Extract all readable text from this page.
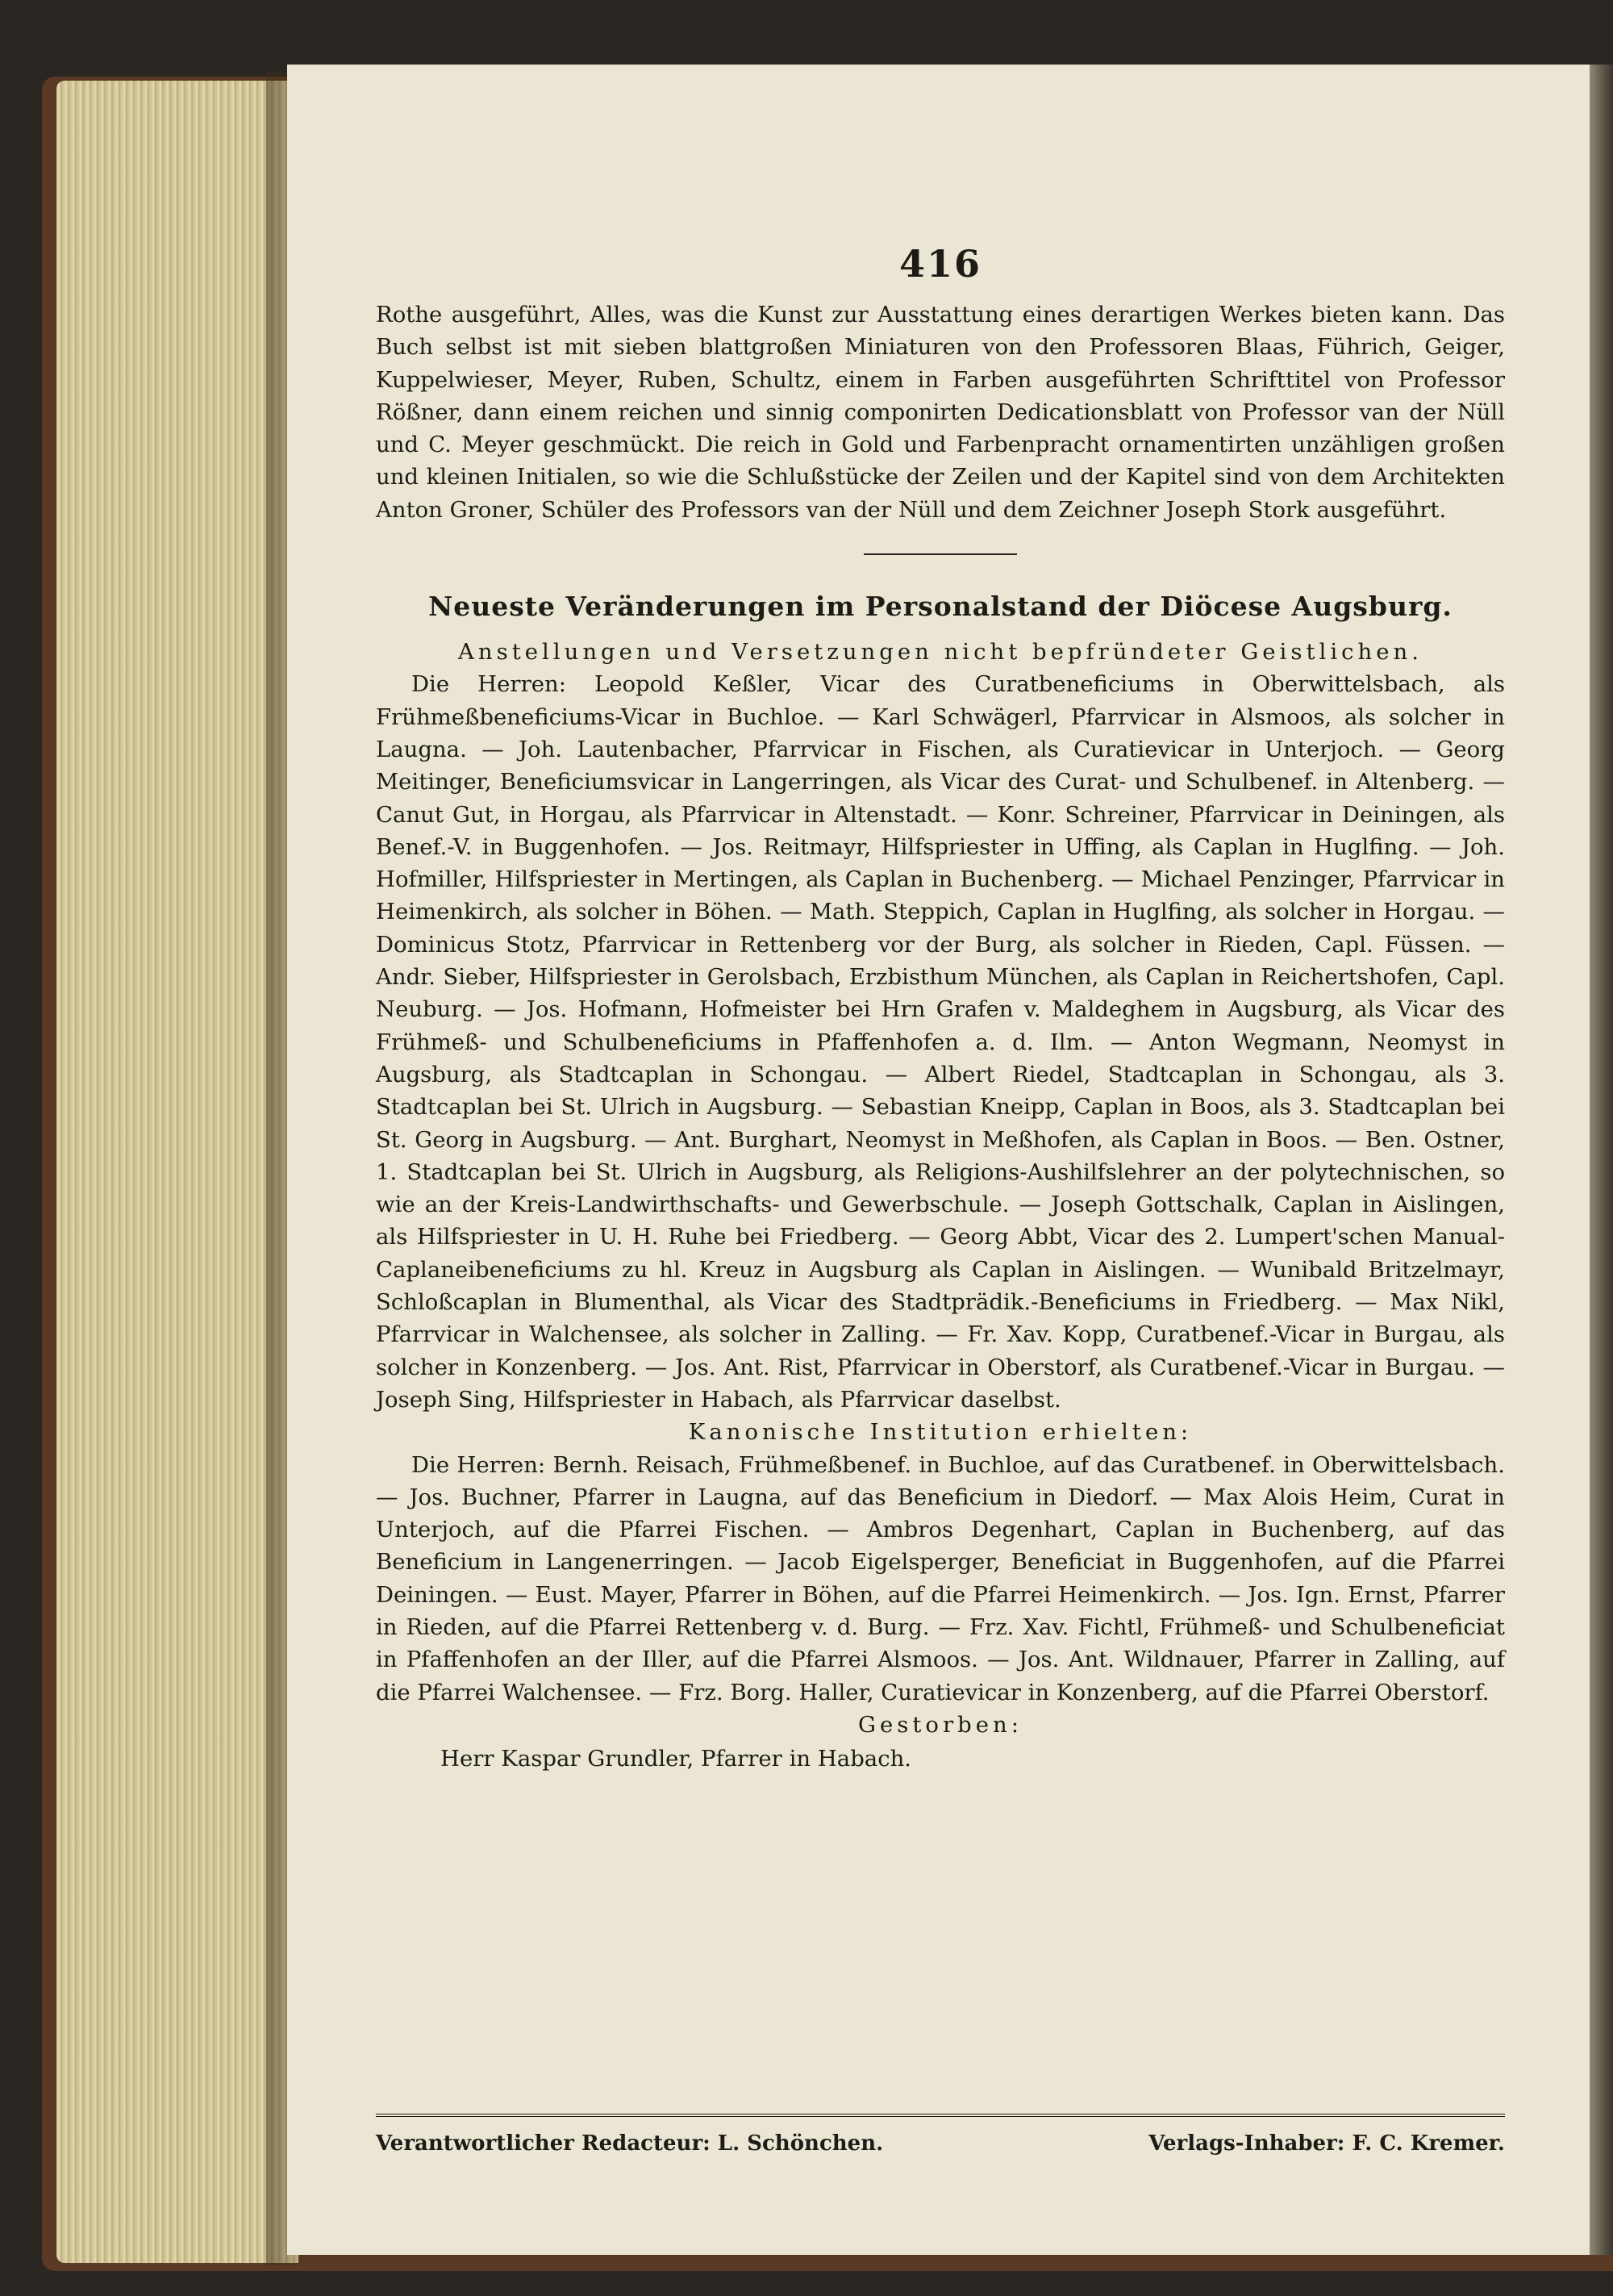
416

Rothe ausgeführt, Alles, was die Kunst zur Ausstattung eines derartigen Werkes bieten kann. Das Buch selbst ist mit sieben blattgroßen Miniaturen von den Professoren Blaas, Führich, Geiger, Kuppelwieser, Meyer, Ruben, Schultz, einem in Farben ausgeführten Schrifttitel von Professor Rößner, dann einem reichen und sinnig componirten Dedicationsblatt von Professor van der Nüll und C. Meyer geschmückt. Die reich in Gold und Farbenpracht ornamentirten unzähligen großen und kleinen Initialen, so wie die Schlußstücke der Zeilen und der Kapitel sind von dem Architekten Anton Groner, Schüler des Professors van der Nüll und dem Zeichner Joseph Stork ausgeführt.

Neueste Veränderungen im Personalstand der Diöcese Augsburg.
Anstellungen und Versetzungen nicht bepfründeter Geistlichen.

Die Herren: Leopold Keßler, Vicar des Curatbeneficiums in Oberwittelsbach, als Frühmeßbeneficiums-Vicar in Buchloe. — Karl Schwägerl, Pfarrvicar in Alsmoos, als solcher in Laugna. — Joh. Lautenbacher, Pfarrvicar in Fischen, als Curatievicar in Unterjoch. — Georg Meitinger, Beneficiumsvicar in Langerringen, als Vicar des Curat- und Schulbenef. in Altenberg. — Canut Gut, in Horgau, als Pfarrvicar in Altenstadt. — Konr. Schreiner, Pfarrvicar in Deiningen, als Benef.-V. in Buggenhofen. — Jos. Reitmayr, Hilfspriester in Uffing, als Caplan in Huglfing. — Joh. Hofmiller, Hilfspriester in Mertingen, als Caplan in Buchenberg. — Michael Penzinger, Pfarrvicar in Heimenkirch, als solcher in Böhen. — Math. Steppich, Caplan in Huglfing, als solcher in Horgau. — Dominicus Stotz, Pfarrvicar in Rettenberg vor der Burg, als solcher in Rieden, Capl. Füssen. — Andr. Sieber, Hilfspriester in Gerolsbach, Erzbisthum München, als Caplan in Reichertshofen, Capl. Neuburg. — Jos. Hofmann, Hofmeister bei Hrn Grafen v. Maldeghem in Augsburg, als Vicar des Frühmeß- und Schulbeneficiums in Pfaffenhofen a. d. Ilm. — Anton Wegmann, Neomyst in Augsburg, als Stadtcaplan in Schongau. — Albert Riedel, Stadtcaplan in Schongau, als 3. Stadtcaplan bei St. Ulrich in Augsburg. — Sebastian Kneipp, Caplan in Boos, als 3. Stadtcaplan bei St. Georg in Augsburg. — Ant. Burghart, Neomyst in Meßhofen, als Caplan in Boos. — Ben. Ostner, 1. Stadtcaplan bei St. Ulrich in Augsburg, als Religions-Aushilfslehrer an der polytechnischen, so wie an der Kreis-Landwirthschafts- und Gewerbschule. — Joseph Gottschalk, Caplan in Aislingen, als Hilfspriester in U. H. Ruhe bei Friedberg. — Georg Abbt, Vicar des 2. Lumpert'schen Manual-Caplaneibeneficiums zu hl. Kreuz in Augsburg als Caplan in Aislingen. — Wunibald Britzelmayr, Schloßcaplan in Blumenthal, als Vicar des Stadtprädik.-Beneficiums in Friedberg. — Max Nikl, Pfarrvicar in Walchensee, als solcher in Zalling. — Fr. Xav. Kopp, Curatbenef.-Vicar in Burgau, als solcher in Konzenberg. — Jos. Ant. Rist, Pfarrvicar in Oberstorf, als Curatbenef.-Vicar in Burgau. — Joseph Sing, Hilfspriester in Habach, als Pfarrvicar daselbst.

Kanonische Institution erhielten:

Die Herren: Bernh. Reisach, Frühmeßbenef. in Buchloe, auf das Curatbenef. in Oberwittelsbach. — Jos. Buchner, Pfarrer in Laugna, auf das Beneficium in Diedorf. — Max Alois Heim, Curat in Unterjoch, auf die Pfarrei Fischen. — Ambros Degenhart, Caplan in Buchenberg, auf das Beneficium in Langenerringen. — Jacob Eigelsperger, Beneficiat in Buggenhofen, auf die Pfarrei Deiningen. — Eust. Mayer, Pfarrer in Böhen, auf die Pfarrei Heimenkirch. — Jos. Ign. Ernst, Pfarrer in Rieden, auf die Pfarrei Rettenberg v. d. Burg. — Frz. Xav. Fichtl, Frühmeß- und Schulbeneficiat in Pfaffenhofen an der Iller, auf die Pfarrei Alsmoos. — Jos. Ant. Wildnauer, Pfarrer in Zalling, auf die Pfarrei Walchensee. — Frz. Borg. Haller, Curatievicar in Konzenberg, auf die Pfarrei Oberstorf.

Gestorben:
Herr Kaspar Grundler, Pfarrer in Habach.
Verantwortlicher Redacteur: L. Schönchen.	Verlags-Inhaber: F. C. Kremer.
